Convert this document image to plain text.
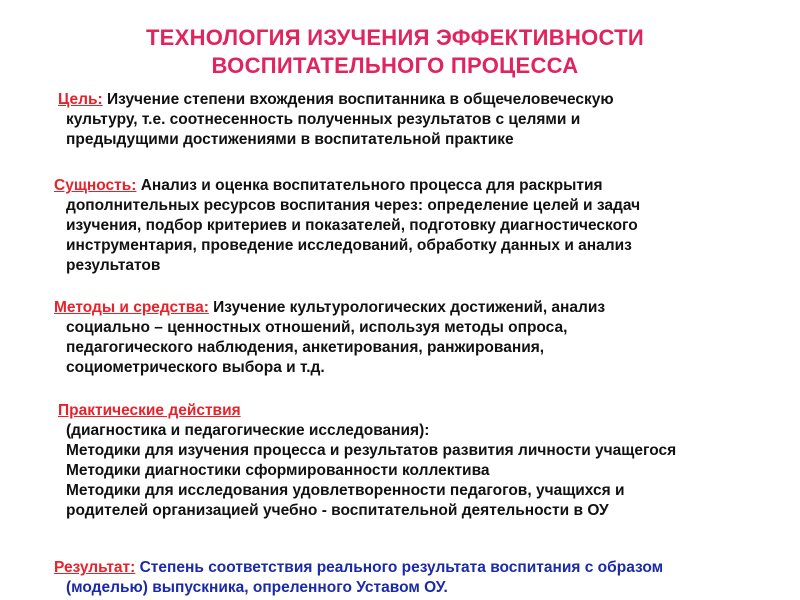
ТЕХНОЛОГИЯ ИЗУЧЕНИЯ ЭФФЕКТИВНОСТИ
ВОСПИТАТЕЛЬНОГО ПРОЦЕССА
Цель: Изучение степени вхождения воспитанника в общечеловеческую
культуру, т.е. соотнесенность полученных результатов с целями и
предыдущими достижениями в воспитательной практике
Сущность: Анализ и оценка воспитательного процесса для раскрытия
дополнительных ресурсов воспитания через: определение целей и задач
изучения, подбор критериев и показателей, подготовку диагностического
инструментария, проведение исследований, обработку данных и анализ
результатов
Методы и средства: Изучение культурологических достижений, анализ
социально – ценностных отношений, используя методы опроса,
педагогического наблюдения, анкетирования, ранжирования,
социометрического выбора и т.д.
Практические действия
(диагностика и педагогические исследования):
Методики для изучения процесса и результатов развития личности учащегося
Методики диагностики сформированности коллектива
Методики для исследования удовлетворенности педагогов, учащихся и
родителей организацией учебно - воспитательной деятельности в ОУ
Результат: Степень соответствия реального результата воспитания с образом
(моделью) выпускника, опреленного Уставом ОУ.
